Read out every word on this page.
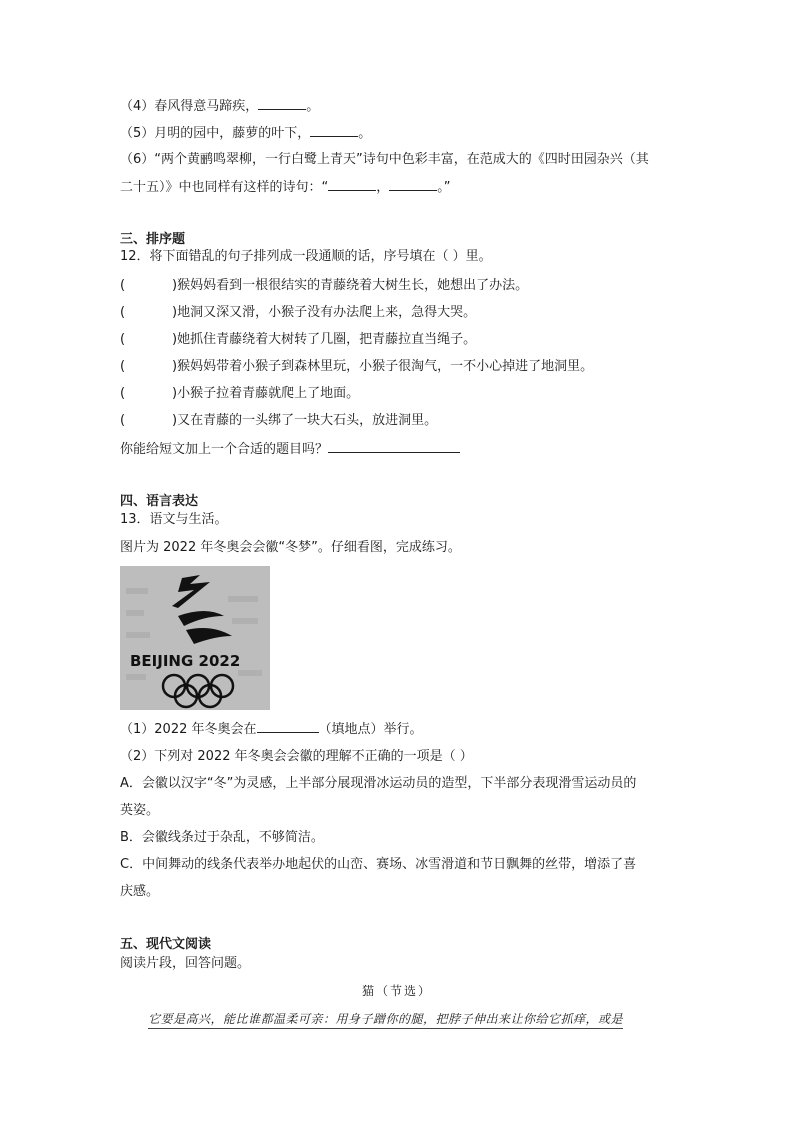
（4）春风得意马蹄疾，	。
（5）月明的园中，藤萝的叶下，	。
（6）“两个黄鹂鸣翠柳，一行白鹭上青天”诗句中色彩丰富，在范成大的《四时田园杂兴（其
二十五）》中也同样有这样的诗句：“	，	。”
三、排序题
12．将下面错乱的句子排列成一段通顺的话，序号填在（ ）里。
(	)猴妈妈看到一根很结实的青藤绕着大树生长，她想出了办法。
(	)地洞又深又滑，小猴子没有办法爬上来，急得大哭。
(	)她抓住青藤绕着大树转了几圈，把青藤拉直当绳子。
(	)猴妈妈带着小猴子到森林里玩，小猴子很淘气，一不小心掉进了地洞里。
(	)小猴子拉着青藤就爬上了地面。
(	)又在青藤的一头绑了一块大石头，放进洞里。
你能给短文加上一个合适的题目吗？
四、语言表达
13．语文与生活。
图片为 2022 年冬奥会会徽“冬梦”。仔细看图，完成练习。
BEIJING 2022
（1）2022 年冬奥会在	（填地点）举行。
（2）下列对 2022 年冬奥会会徽的理解不正确的一项是（ ）
A．会徽以汉字“冬”为灵感，上半部分展现滑冰运动员的造型，下半部分表现滑雪运动员的
英姿。
B．会徽线条过于杂乱，不够简洁。
C．中间舞动的线条代表举办地起伏的山峦、赛场、冰雪滑道和节日飘舞的丝带，增添了喜
庆感。
五、现代文阅读
阅读片段，回答问题。
猫（节选）
它要是高兴，能比谁都温柔可亲：用身子蹭你的腿，把脖子伸出来让你给它抓痒，或是
